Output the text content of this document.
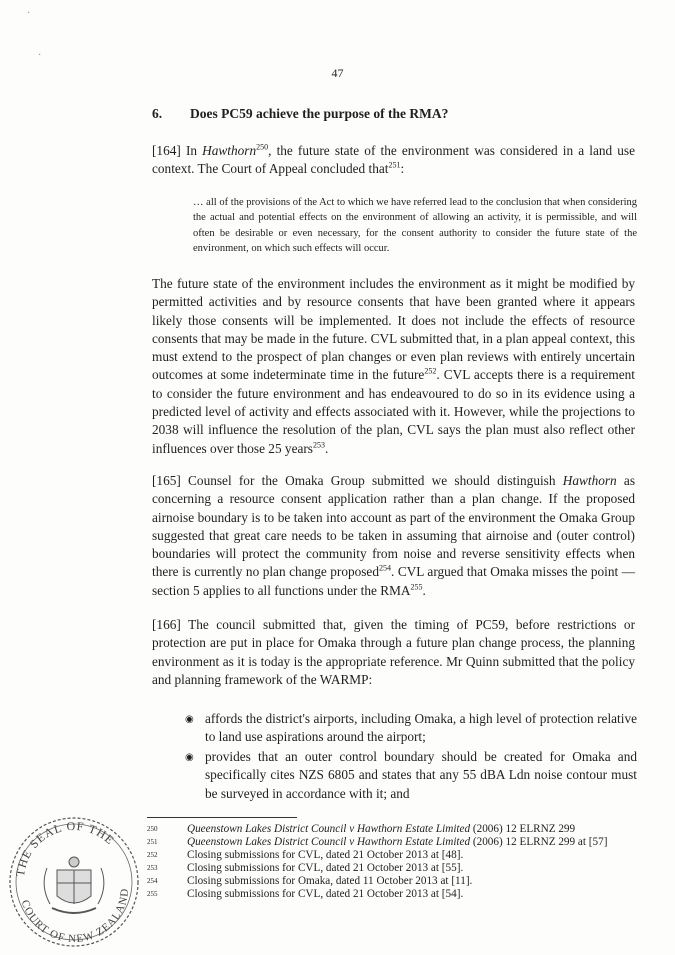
·
·
47
6. Does PC59 achieve the purpose of the RMA?
[164] In Hawthorn$^{250}$, the future state of the environment was considered in a land use context. The Court of Appeal concluded that$^{251}$:
… all of the provisions of the Act to which we have referred lead to the conclusion that when considering the actual and potential effects on the environment of allowing an activity, it is permissible, and will often be desirable or even necessary, for the consent authority to consider the future state of the environment, on which such effects will occur.
The future state of the environment includes the environment as it might be modified by permitted activities and by resource consents that have been granted where it appears likely those consents will be implemented. It does not include the effects of resource consents that may be made in the future. CVL submitted that, in a plan appeal context, this must extend to the prospect of plan changes or even plan reviews with entirely uncertain outcomes at some indeterminate time in the future$^{252}$. CVL accepts there is a requirement to consider the future environment and has endeavoured to do so in its evidence using a predicted level of activity and effects associated with it. However, while the projections to 2038 will influence the resolution of the plan, CVL says the plan must also reflect other influences over those 25 years$^{253}$.
[165] Counsel for the Omaka Group submitted we should distinguish Hawthorn as concerning a resource consent application rather than a plan change. If the proposed airnoise boundary is to be taken into account as part of the environment the Omaka Group suggested that great care needs to be taken in assuming that airnoise and (outer control) boundaries will protect the community from noise and reverse sensitivity effects when there is currently no plan change proposed$^{254}$. CVL argued that Omaka misses the point — section 5 applies to all functions under the RMA$^{255}$.
[166] The council submitted that, given the timing of PC59, before restrictions or protection are put in place for Omaka through a future plan change process, the planning environment as it is today is the appropriate reference. Mr Quinn submitted that the policy and planning framework of the WARMP:
◉ affords the district's airports, including Omaka, a high level of protection relative to land use aspirations around the airport;
◉ provides that an outer control boundary should be created for Omaka and specifically cites NZS 6805 and states that any 55 dBA Ldn noise contour must be surveyed in accordance with it; and
250	Queenstown Lakes District Council v Hawthorn Estate Limited (2006) 12 ELRNZ 299
251	Queenstown Lakes District Council v Hawthorn Estate Limited (2006) 12 ELRNZ 299 at [57]
252	Closing submissions for CVL, dated 21 October 2013 at [48].
253	Closing submissions for CVL, dated 21 October 2013 at [55].
254	Closing submissions for Omaka, dated 11 October 2013 at [11].
255	Closing submissions for CVL, dated 21 October 2013 at [54].
THE SEAL OF THE
COURT OF NEW ZEALAND
